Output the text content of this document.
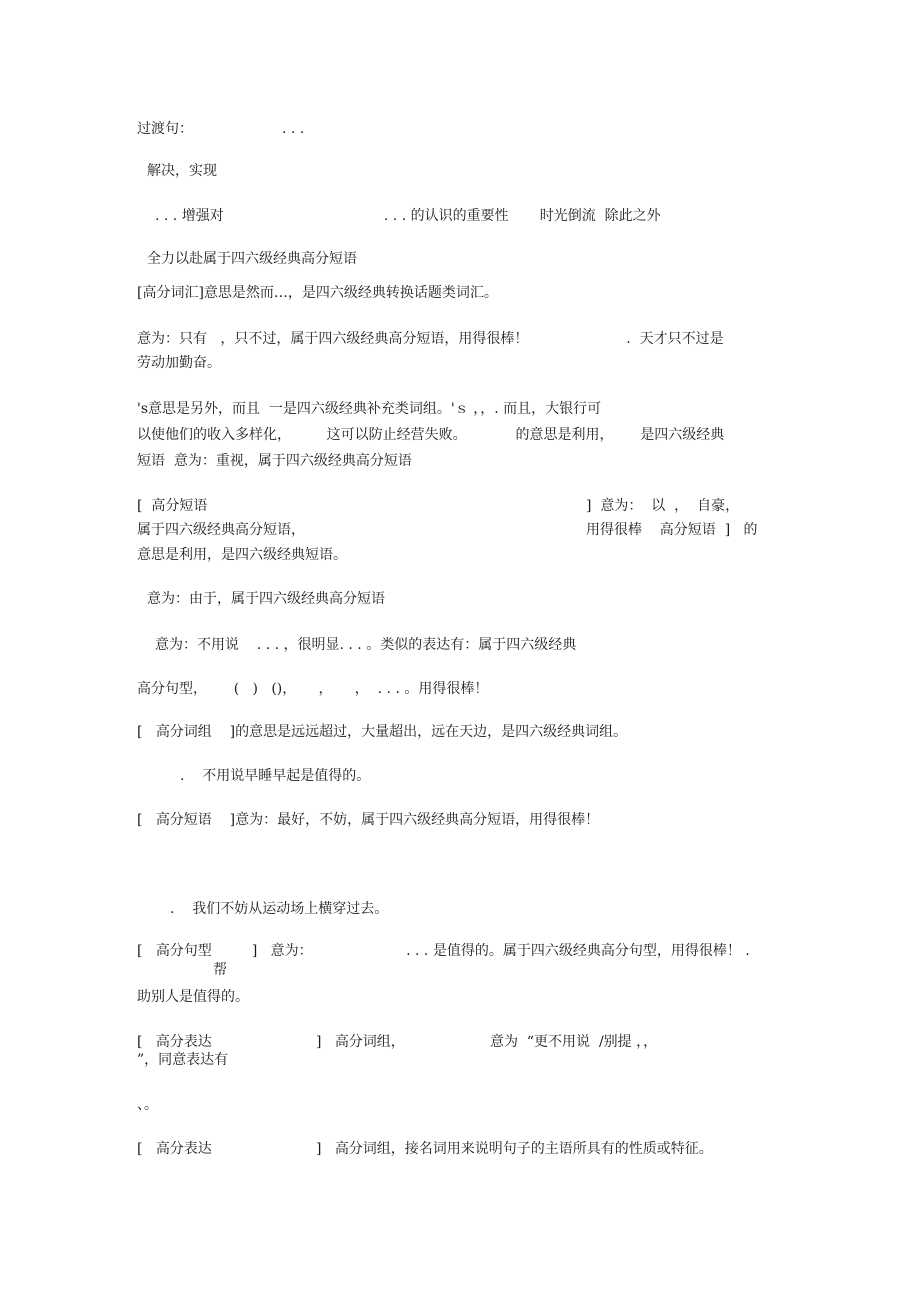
过渡句：                    . . .
解决，实现
. . . 增强对                                    . . . 的认识的重要性       时光倒流  除此之外
全力以赴属于四六级经典高分短语
[高分词汇]意思是然而…，是四六级经典转换话题类词汇。
意为：只有   ，只不过，属于四六级经典高分短语，用得很棒！                      .  天才只不过是
劳动加勤奋。
's意思是另外，而且  一是四六级经典补充类词组。'ｓ ，，. 而且，大银行可
以使他们的收入多样化，        这可以防止经营失败。           的意思是利用，      是四六级经典
短语  意为：重视，属于四六级经典高分短语
[  高分短语	]  意为：  以  ，  自豪，
属于四六级经典高分短语，	用得很棒    高分短语  ]   的
意思是利用，是四六级经典短语。
意为：由于，属于四六级经典高分短语
意为：不用说    . . . ，很明显. . . 。类似的表达有：属于四六级经典
高分句型，      (   )   ()，     ，     ，  . . . 。用得很棒！
[   高分词组    ]的意思是远远超过，大量超出，远在天边，是四六级经典词组。
.    不用说早睡早起是值得的。
[   高分短语    ]意为：最好，不妨，属于四六级经典高分短语，用得很棒！
.    我们不妨从运动场上横穿过去。
[   高分句型         ]   意为：                     . . . 是值得的。属于四六级经典高分句型，用得很棒！ .
帮
助别人是值得的。
[   高分表达	]   高分词组，	意为  “更不用说  /别提 ，，
”，同意表达有
、。
[   高分表达	]   高分词组，接名词用来说明句子的主语所具有的性质或特征。
